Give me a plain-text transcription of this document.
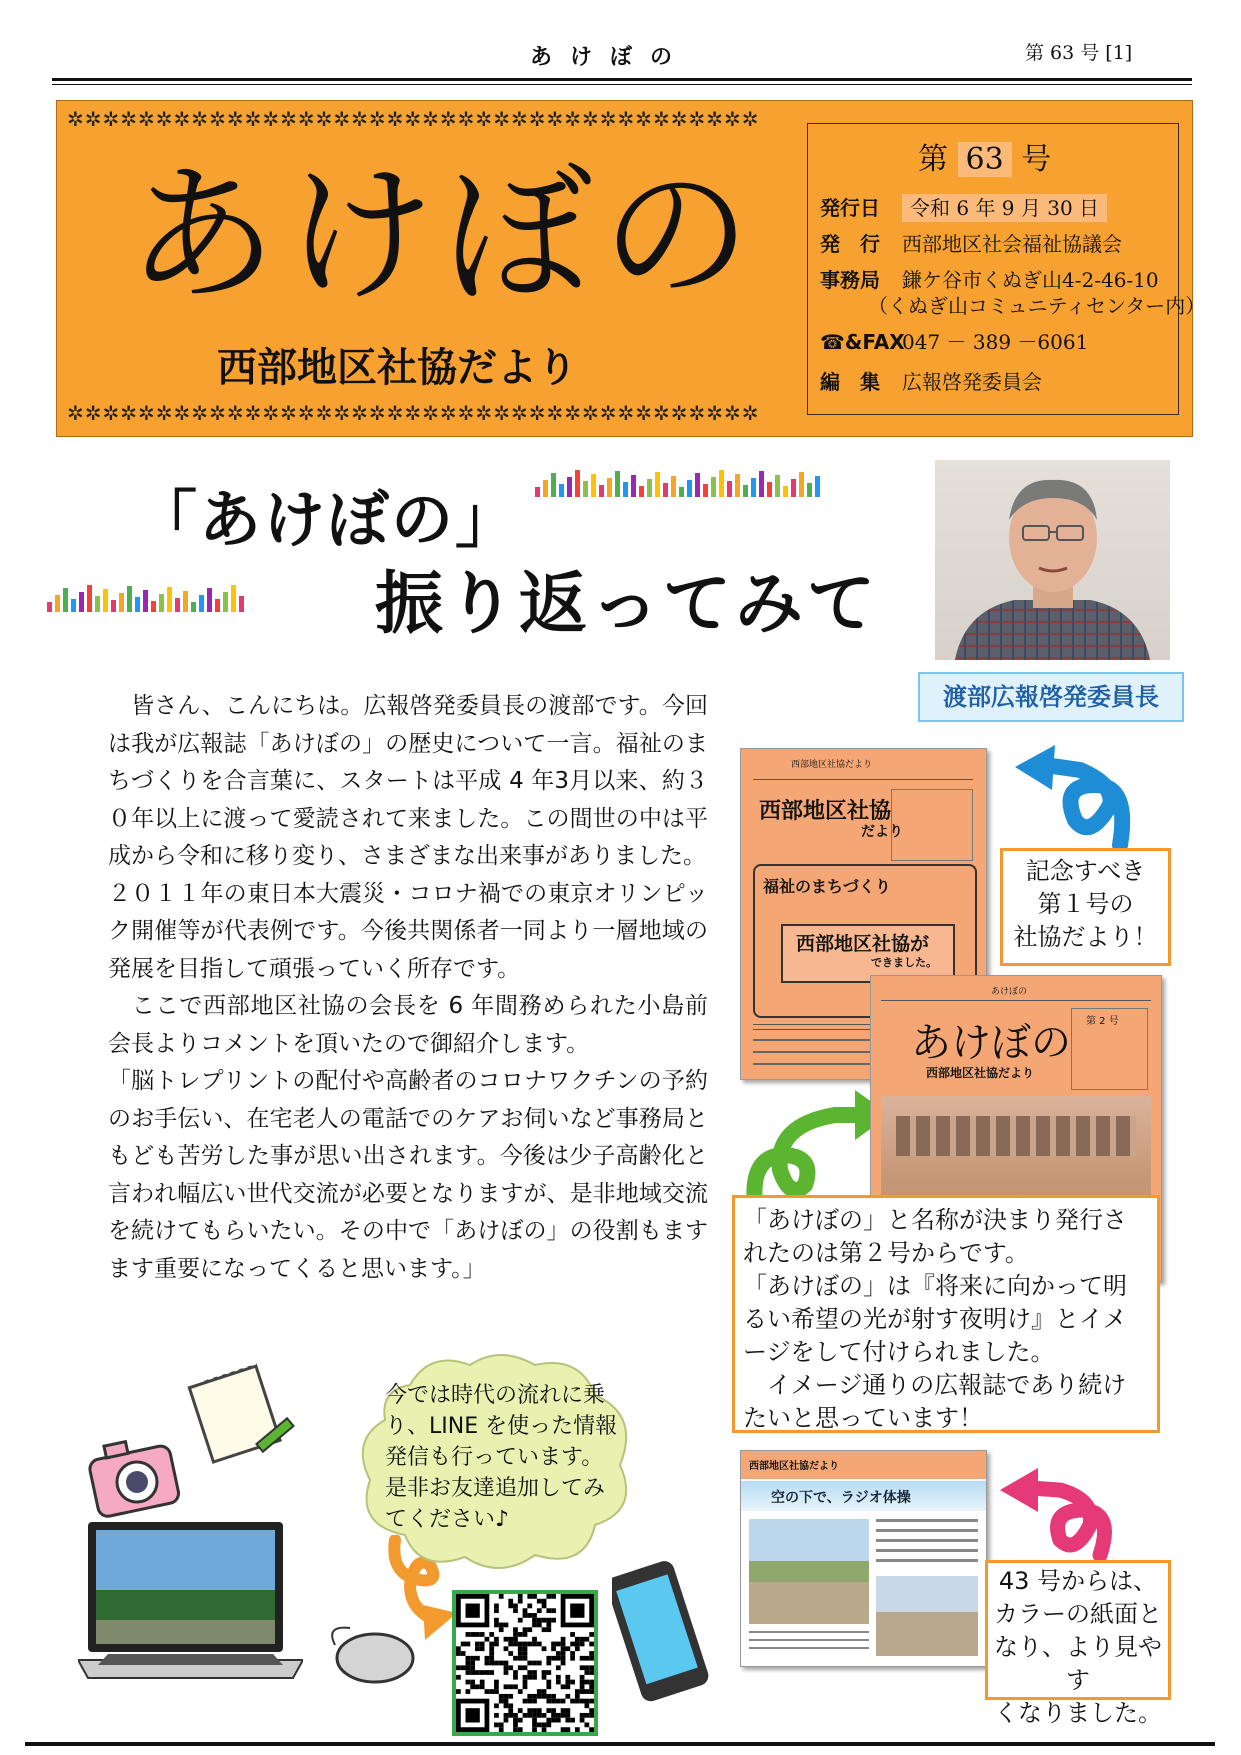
あけぼの	第 63 号 [1]
✲✲✲✲✲✲✲✲✲✲✲✲✲✲✲✲✲✲✲✲✲✲✲✲✲✲✲✲✲✲✲✲✲✲✲✲✲✲✲
あけぼの
西部地区社協だより
✲✲✲✲✲✲✲✲✲✲✲✲✲✲✲✲✲✲✲✲✲✲✲✲✲✲✲✲✲✲✲✲✲✲✲✲✲✲✲
第 63 号
発行日 令和 6 年 9 月 30 日
発　行 西部地区社会福祉協議会
事務局 鎌ケ谷市くぬぎ山4-2-46-10
（くぬぎ山コミュニティセンター内）
☎&FAX047 － 389 －6061
編　集 広報啓発委員会
「あけぼの」
振り返ってみて
渡部広報啓発委員長

　皆さん、こんにちは。広報啓発委員長の渡部です。今回は我が広報誌「あけぼの」の歴史について一言。福祉のまちづくりを合言葉に、スタートは平成 4 年3月以来、約３０年以上に渡って愛読されて来ました。この間世の中は平成から令和に移り変り、さまざまな出来事がありました。

２０１１年の東日本大震災・コロナ禍での東京オリンピック開催等が代表例です。今後共関係者一同より一層地域の発展を目指して頑張っていく所存です。

　ここで西部地区社協の会長を 6 年間務められた小島前会長よりコメントを頂いたので御紹介します。

「脳トレプリントの配付や高齢者のコロナワクチンの予約のお手伝い、在宅老人の電話でのケアお伺いなど事務局ともども苦労した事が思い出されます。今後は少子高齢化と言われ幅広い世代交流が必要となりますが、是非地域交流を続けてもらいたい。その中で「あけぼの」の役割もますます重要になってくると思います。」

西部地区社協だより
西部地区社協
だより
福祉のまちづくり
西部地区社協が
できました。
記念すべき
第１号の
社協だより！
あけぼの
あけぼの
西部地区社協だより
第 2 号
「あけぼの」と名称が決まり発行されたのは第２号からです。
「あけぼの」は『将来に向かって明るい希望の光が射す夜明け』とイメージをして付けられました。
　イメージ通りの広報誌であり続けたいと思っています！
西部地区社協だより
空の下で、ラジオ体操
43 号からは、
カラーの紙面と
なり、より見やす
くなりました。
今では時代の流れに乗り、LINE を使った情報発信も行っています。是非お友達追加してみてください♪
